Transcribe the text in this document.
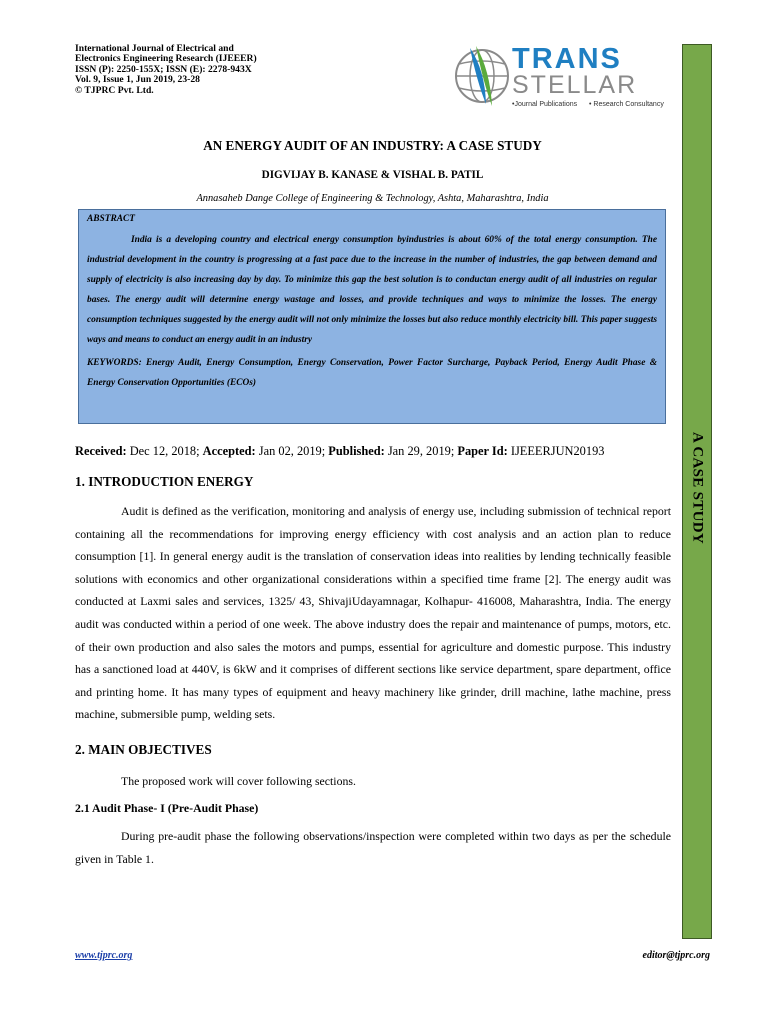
International Journal of Electrical and
Electronics Engineering Research (IJEEER)
ISSN (P): 2250-155X; ISSN (E): 2278-943X
Vol. 9, Issue 1, Jun 2019, 23-28
© TJPRC Pvt. Ltd.
TRANS
STELLAR
•Journal Publications • Research Consultancy
A CASE STUDY
AN ENERGY AUDIT OF AN INDUSTRY: A CASE STUDY
DIGVIJAY B. KANASE & VISHAL B. PATIL
Annasaheb Dange College of Engineering & Technology, Ashta, Maharashtra, India
ABSTRACT
India is a developing country and electrical energy consumption byindustries is about 60% of the total energy consumption. The industrial development in the country is progressing at a fast pace due to the increase in the number of industries, the gap between demand and supply of electricity is also increasing day by day. To minimize this gap the best solution is to conductan energy audit of all industries on regular bases. The energy audit will determine energy wastage and losses, and provide techniques and ways to minimize the losses. The energy consumption techniques suggested by the energy audit will not only minimize the losses but also reduce monthly electricity bill. This paper suggests ways and means to conduct an energy audit in an industry
KEYWORDS: Energy Audit, Energy Consumption, Energy Conservation, Power Factor Surcharge, Payback Period, Energy Audit Phase & Energy Conservation Opportunities (ECOs)
Received: Dec 12, 2018; Accepted: Jan 02, 2019; Published: Jan 29, 2019; Paper Id: IJEEERJUN20193
1. INTRODUCTION ENERGY
Audit is defined as the verification, monitoring and analysis of energy use, including submission of technical report containing all the recommendations for improving energy efficiency with cost analysis and an action plan to reduce consumption [1]. In general energy audit is the translation of conservation ideas into realities by lending technically feasible solutions with economics and other organizational considerations within a specified time frame [2]. The energy audit was conducted at Laxmi sales and services, 1325/ 43, ShivajiUdayamnagar, Kolhapur- 416008, Maharashtra, India. The energy audit was conducted within a period of one week. The above industry does the repair and maintenance of pumps, motors, etc. of their own production and also sales the motors and pumps, essential for agriculture and domestic purpose. This industry has a sanctioned load at 440V, is 6kW and it comprises of different sections like service department, spare department, office and printing home. It has many types of equipment and heavy machinery like grinder, drill machine, lathe machine, press machine, submersible pump, welding sets.
2. MAIN OBJECTIVES
The proposed work will cover following sections.
2.1 Audit Phase- I (Pre-Audit Phase)
During pre-audit phase the following observations/inspection were completed within two days as per the schedule given in Table 1.
www.tjprc.org	editor@tjprc.org
